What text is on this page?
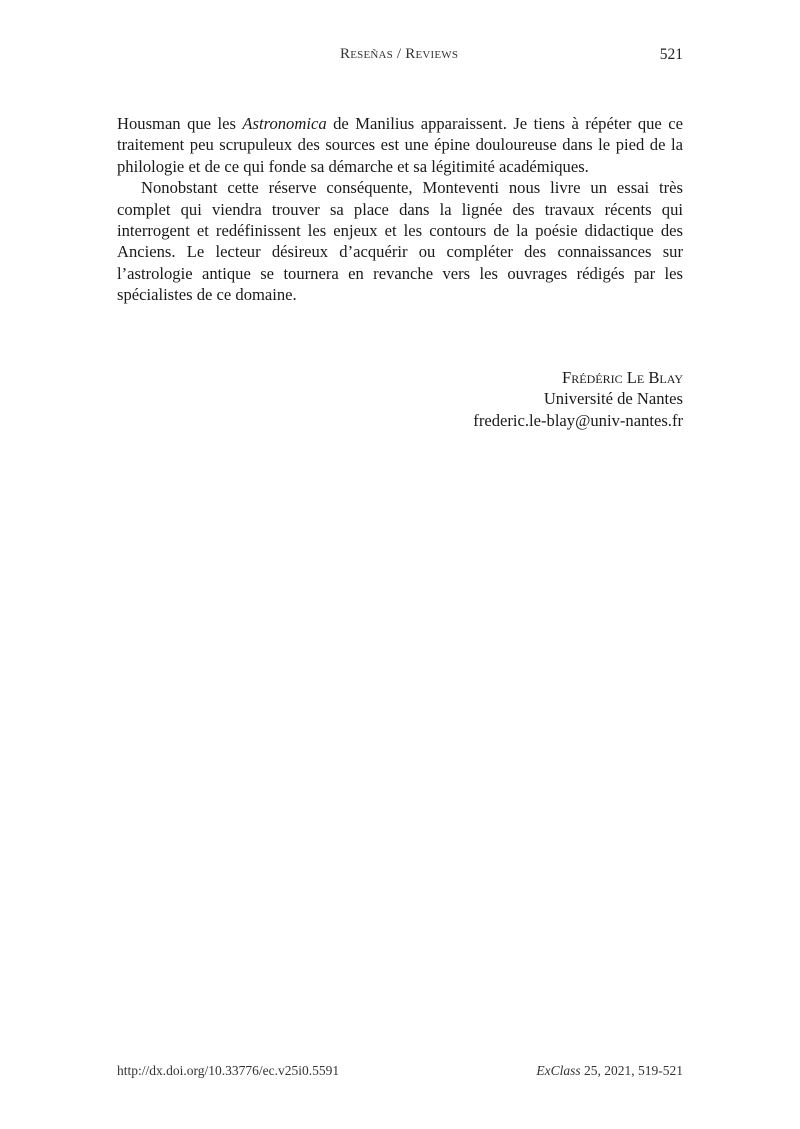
Reseñas / Reviews	521

Housman que les Astronomica de Manilius apparaissent. Je tiens à répéter que ce traitement peu scrupuleux des sources est une épine douloureuse dans le pied de la philologie et de ce qui fonde sa démarche et sa légitimité académiques.

Nonobstant cette réserve conséquente, Monteventi nous livre un essai très complet qui viendra trouver sa place dans la lignée des travaux récents qui interrogent et redéfinissent les enjeux et les contours de la poésie didactique des Anciens. Le lecteur désireux d’acquérir ou compléter des connaissances sur l’astrologie antique se tournera en revanche vers les ouvrages rédigés par les spécialistes de ce domaine.

Frédéric Le Blay
Université de Nantes
frederic.le-blay@univ-nantes.fr
http://dx.doi.org/10.33776/ec.v25i0.5591	ExClass 25, 2021, 519-521
